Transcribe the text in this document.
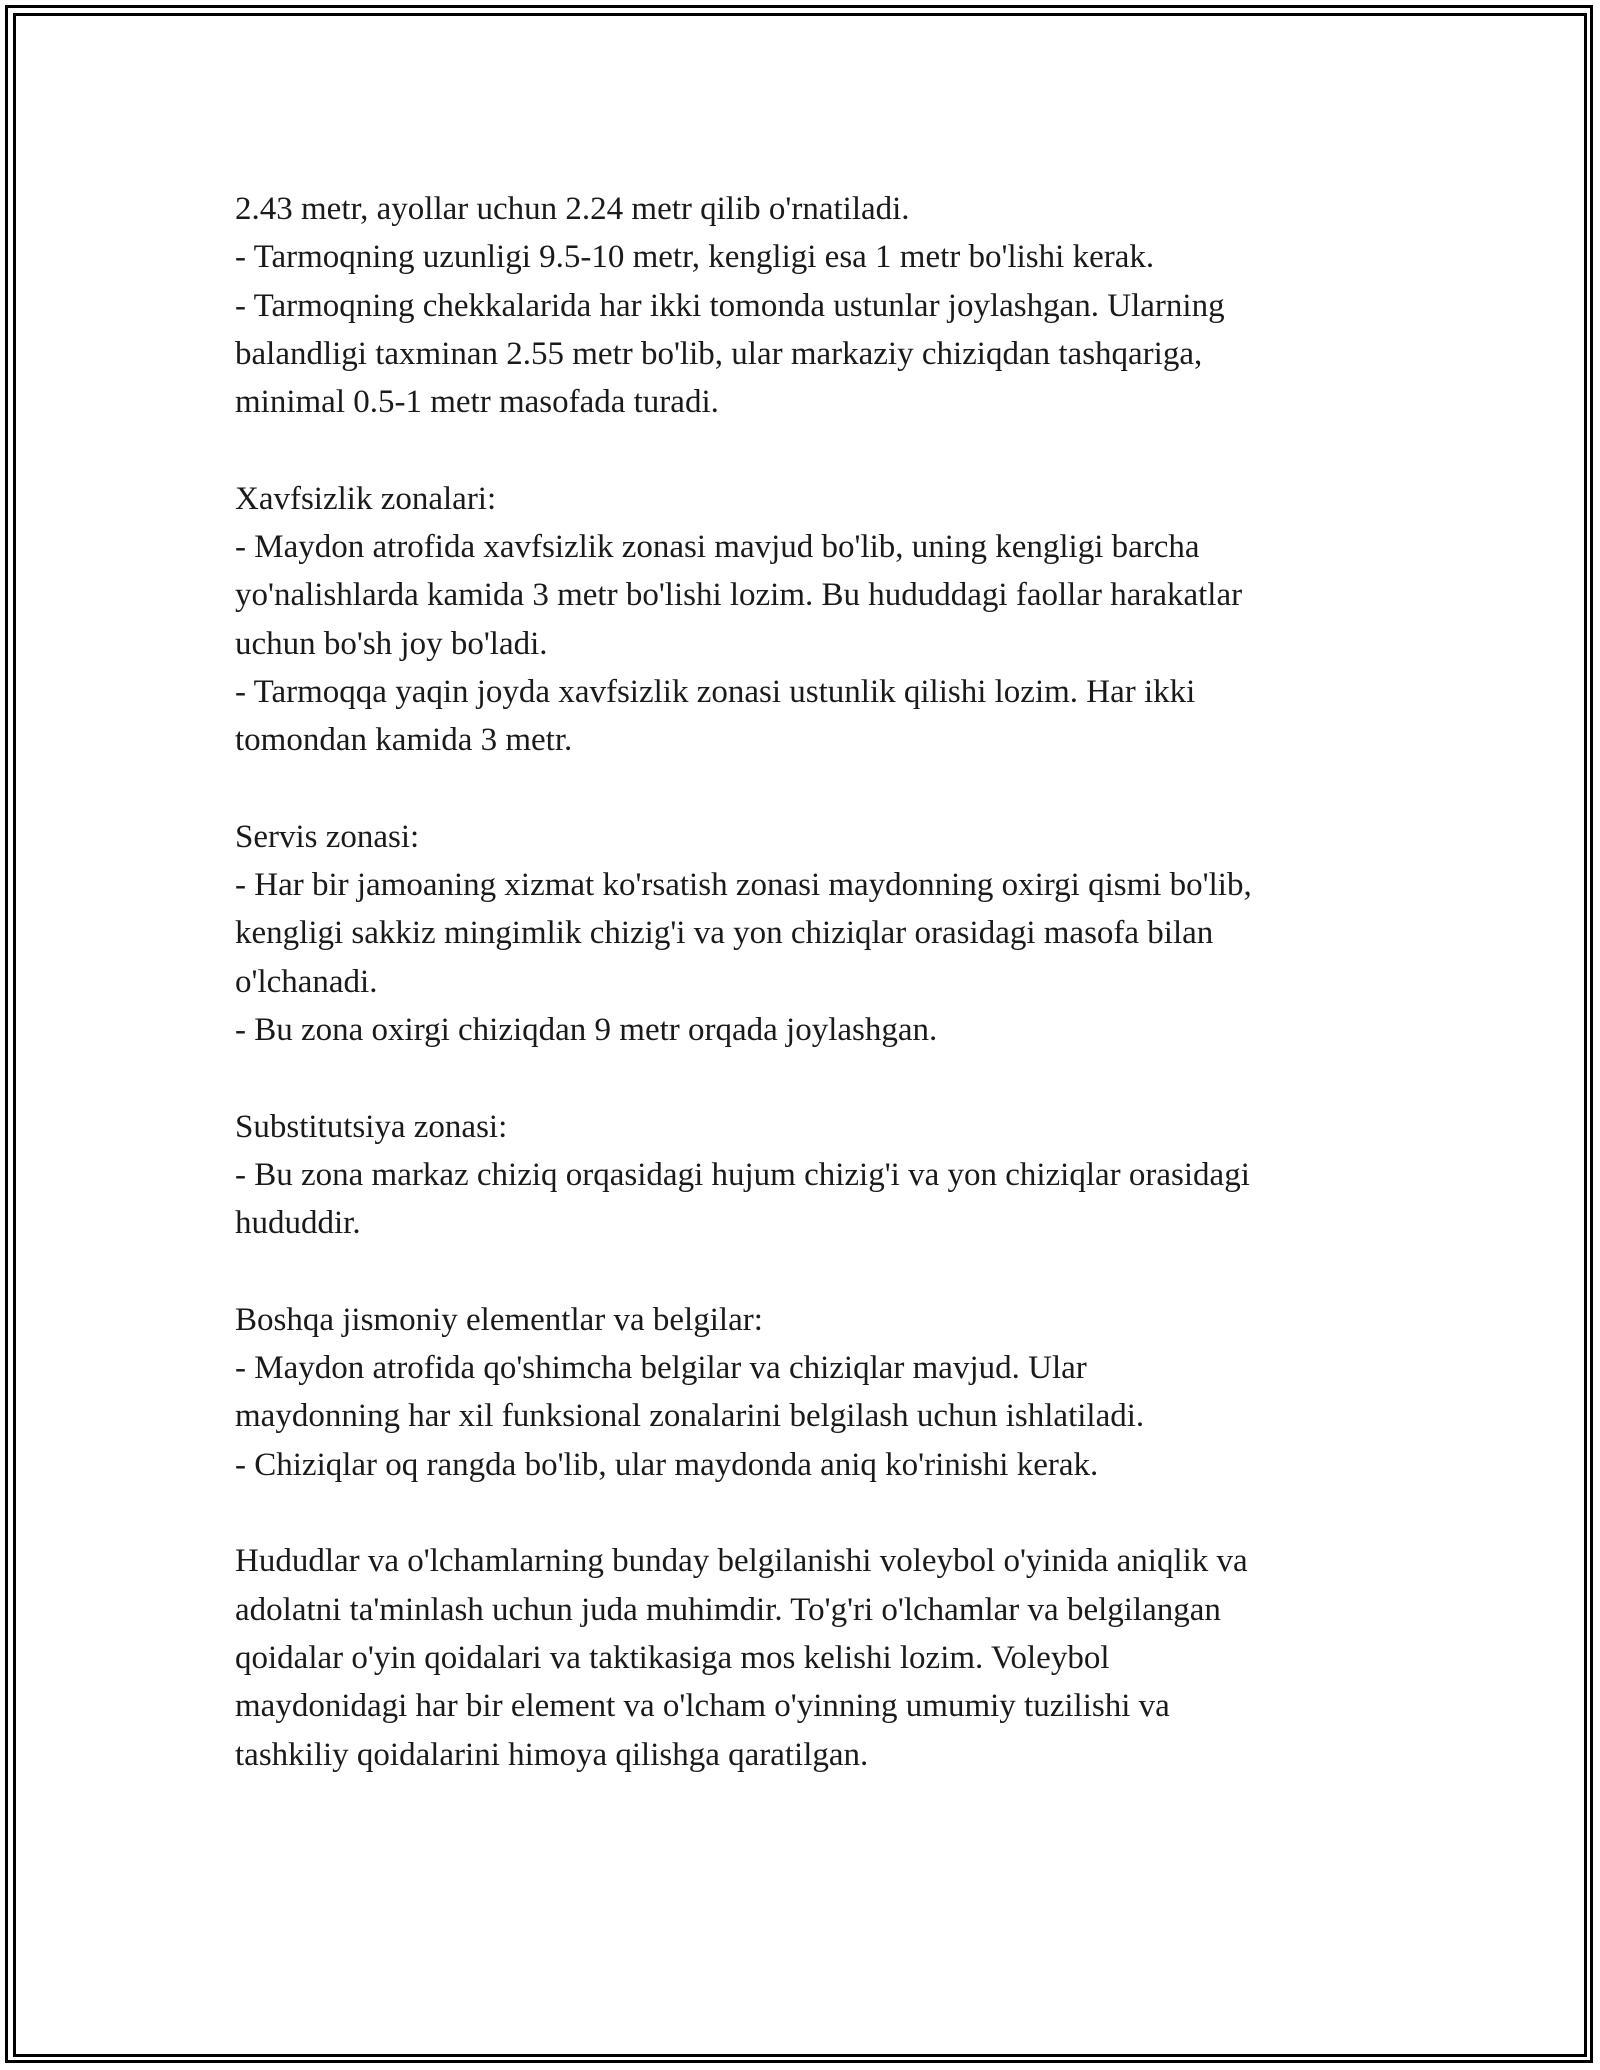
2.43 metr, ayollar uchun 2.24 metr qilib o'rnatiladi.
- Tarmoqning uzunligi 9.5-10 metr, kengligi esa 1 metr bo'lishi kerak.
- Tarmoqning chekkalarida har ikki tomonda ustunlar joylashgan. Ularning
balandligi taxminan 2.55 metr bo'lib, ular markaziy chiziqdan tashqariga,
minimal 0.5-1 metr masofada turadi.
Xavfsizlik zonalari:
- Maydon atrofida xavfsizlik zonasi mavjud bo'lib, uning kengligi barcha
yo'nalishlarda kamida 3 metr bo'lishi lozim. Bu hududdagi faollar harakatlar
uchun bo'sh joy bo'ladi.
- Tarmoqqa yaqin joyda xavfsizlik zonasi ustunlik qilishi lozim. Har ikki
tomondan kamida 3 metr.
Servis zonasi:
- Har bir jamoaning xizmat ko'rsatish zonasi maydonning oxirgi qismi bo'lib,
kengligi sakkiz mingimlik chizig'i va yon chiziqlar orasidagi masofa bilan
o'lchanadi.
- Bu zona oxirgi chiziqdan 9 metr orqada joylashgan.
Substitutsiya zonasi:
- Bu zona markaz chiziq orqasidagi hujum chizig'i va yon chiziqlar orasidagi
hududdir.
Boshqa jismoniy elementlar va belgilar:
- Maydon atrofida qo'shimcha belgilar va chiziqlar mavjud. Ular
maydonning har xil funksional zonalarini belgilash uchun ishlatiladi.
- Chiziqlar oq rangda bo'lib, ular maydonda aniq ko'rinishi kerak.
Hududlar va o'lchamlarning bunday belgilanishi voleybol o'yinida aniqlik va
adolatni ta'minlash uchun juda muhimdir. To'g'ri o'lchamlar va belgilangan
qoidalar o'yin qoidalari va taktikasiga mos kelishi lozim. Voleybol
maydonidagi har bir element va o'lcham o'yinning umumiy tuzilishi va
tashkiliy qoidalarini himoya qilishga qaratilgan.
